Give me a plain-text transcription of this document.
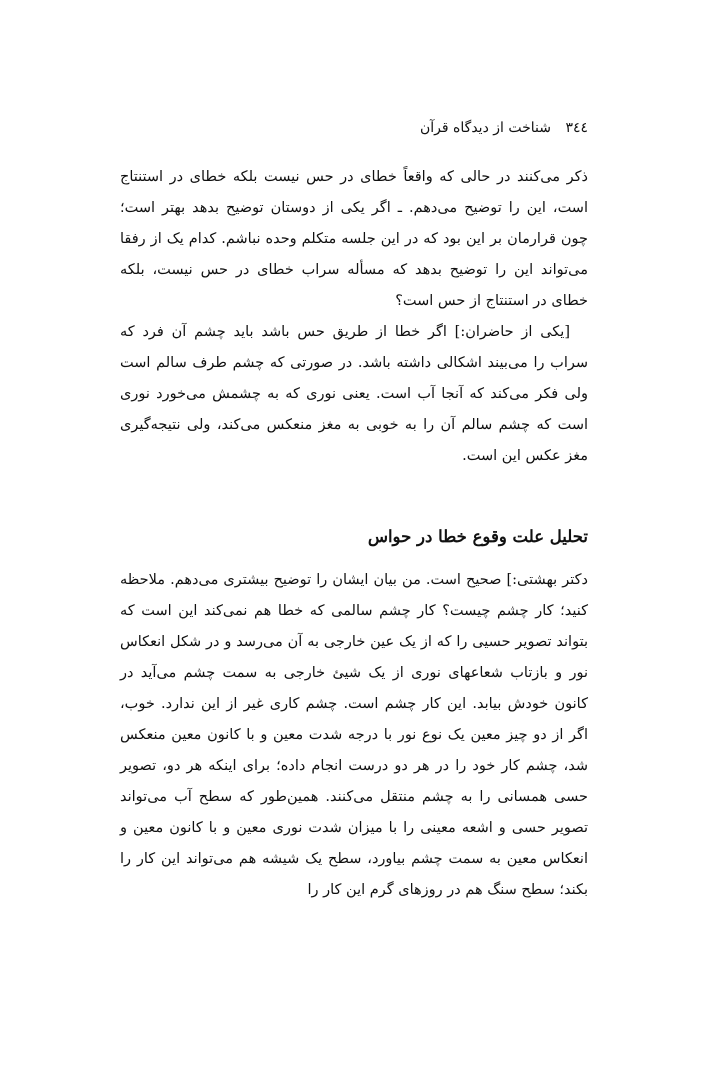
٣٤٤ شناخت از دیدگاه قرآن

ذکر می‌کنند در حالی که واقعاً خطای در حس نیست بلکه خطای در استنتاج است، این را توضیح می‌دهم. ـ اگر یکی از دوستان توضیح بدهد بهتر است؛ چون قرارمان بر این بود که در این جلسه متکلم وحده نباشم. کدام یک از رفقا می‌تواند این را توضیح بدهد که مسأله سراب خطای در حس نیست، بلکه خطای در استنتاج از حس است؟

[یکی از حاضران:] اگر خطا از طریق حس باشد باید چشم آن فرد که سراب را می‌بیند اشکالی داشته باشد. در صورتی که چشم طرف سالم است ولی فکر می‌کند که آنجا آب است. یعنی نوری که به چشمش می‌خورد نوری است که چشم سالم آن را به خوبی به مغز منعکس می‌کند، ولی نتیجه‌گیری مغز عکس این است.

تحلیل علت وقوع خطا در حواس

دکتر بهشتی:] صحیح است. من بیان ایشان را توضیح بیشتری می‌دهم. ملاحظه کنید؛ کار چشم چیست؟ کار چشم سالمی که خطا هم نمی‌کند این است که بتواند تصویر حسیی را که از یک عین خارجی به آن می‌رسد و در شکل انعکاس نور و بازتاب شعاعهای نوری از یک شیئ خارجی به سمت چشم می‌آید در کانون خودش بیابد. این کار چشم است. چشم کاری غیر از این ندارد. خوب، اگر از دو چیز معین یک نوع نور با درجه شدت معین و با کانون معین منعکس شد، چشم کار خود را در هر دو درست انجام داده؛ برای اینکه هر دو، تصویر حسی همسانی را به چشم منتقل می‌کنند. همین‌طور که سطح آب می‌تواند تصویر حسی و اشعه معینی را با میزان شدت نوری معین و با کانون معین و انعکاس معین به سمت چشم بیاورد، سطح یک شیشه هم می‌تواند این کار را بکند؛ سطح سنگ هم در روزهای گرم این کار را
